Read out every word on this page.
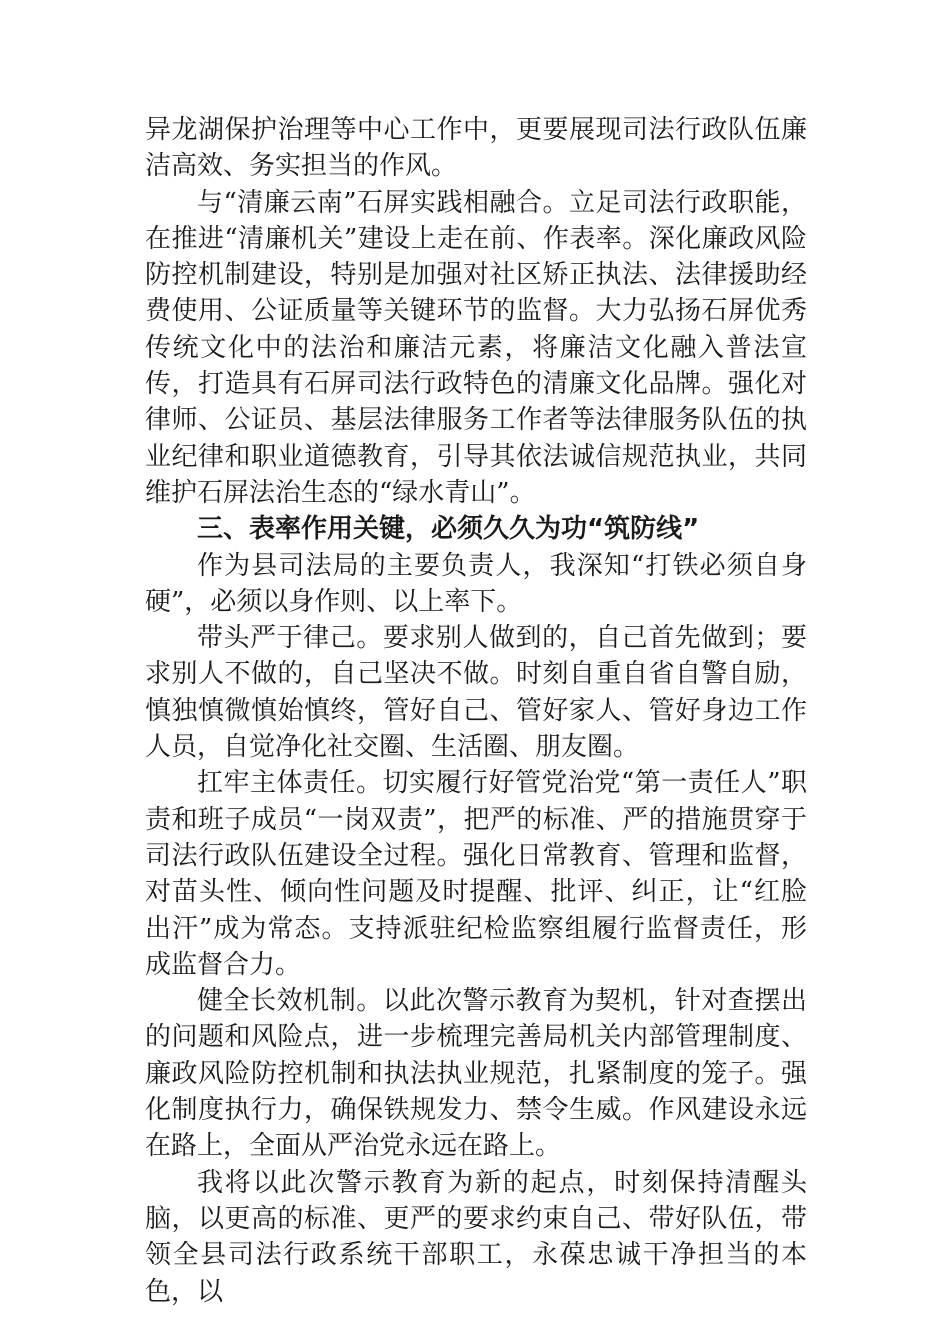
异龙湖保护治理等中心工作中，更要展现司法行政队伍廉洁高效、务实担当的作风。

与“清廉云南”石屏实践相融合。立足司法行政职能，在推进“清廉机关”建设上走在前、作表率。深化廉政风险防控机制建设，特别是加强对社区矫正执法、法律援助经费使用、公证质量等关键环节的监督。大力弘扬石屏优秀传统文化中的法治和廉洁元素，将廉洁文化融入普法宣传，打造具有石屏司法行政特色的清廉文化品牌。强化对律师、公证员、基层法律服务工作者等法律服务队伍的执业纪律和职业道德教育，引导其依法诚信规范执业，共同维护石屏法治生态的“绿水青山”。

三、表率作用关键，必须久久为功“筑防线”

作为县司法局的主要负责人，我深知“打铁必须自身硬”，必须以身作则、以上率下。

带头严于律己。要求别人做到的，自己首先做到；要求别人不做的，自己坚决不做。时刻自重自省自警自励，慎独慎微慎始慎终，管好自己、管好家人、管好身边工作人员，自觉净化社交圈、生活圈、朋友圈。

扛牢主体责任。切实履行好管党治党“第一责任人”职责和班子成员“一岗双责”，把严的标准、严的措施贯穿于司法行政队伍建设全过程。强化日常教育、管理和监督，对苗头性、倾向性问题及时提醒、批评、纠正，让“红脸出汗”成为常态。支持派驻纪检监察组履行监督责任，形成监督合力。

健全长效机制。以此次警示教育为契机，针对查摆出的问题和风险点，进一步梳理完善局机关内部管理制度、廉政风险防控机制和执法执业规范，扎紧制度的笼子。强化制度执行力，确保铁规发力、禁令生威。作风建设永远在路上，全面从严治党永远在路上。

我将以此次警示教育为新的起点，时刻保持清醒头脑，以更高的标准、更严的要求约束自己、带好队伍，带领全县司法行政系统干部职工，永葆忠诚干净担当的本色，以
